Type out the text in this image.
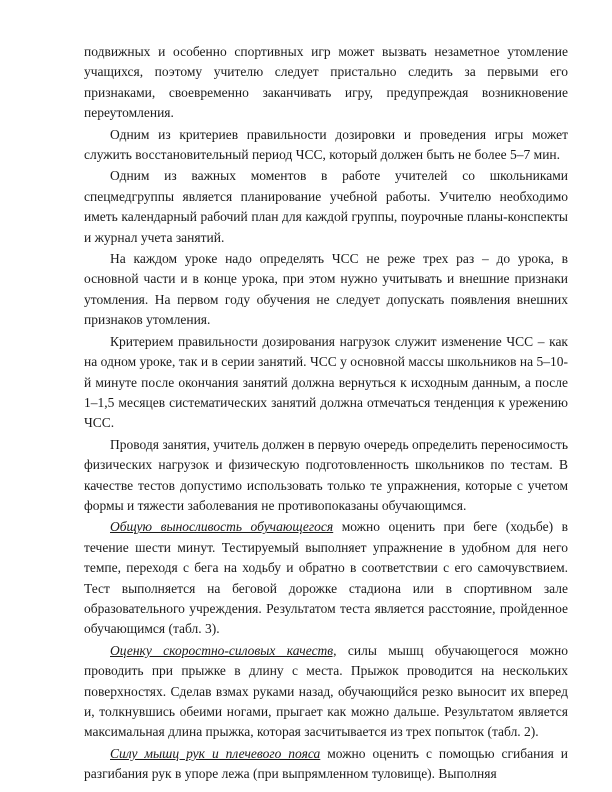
подвижных и особенно спортивных игр может вызвать незаметное утомление учащихся, поэтому учителю следует пристально следить за первыми его признаками, своевременно заканчивать игру, предупреждая возникновение переутомления.

Одним из критериев правильности дозировки и проведения игры может служить восстановительный период ЧСС, который должен быть не более 5–7 мин.

Одним из важных моментов в работе учителей со школьниками спецмедгруппы является планирование учебной работы. Учителю необходимо иметь календарный рабочий план для каждой группы, поурочные планы-конспекты и журнал учета занятий.

На каждом уроке надо определять ЧСС не реже трех раз – до урока, в основной части и в конце урока, при этом нужно учитывать и внешние признаки утомления. На первом году обучения не следует допускать появления внешних признаков утомления.

Критерием правильности дозирования нагрузок служит изменение ЧСС – как на одном уроке, так и в серии занятий. ЧСС у основной массы школьников на 5–10-й минуте после окончания занятий должна вернуться к исходным данным, а после 1–1,5 месяцев систематических занятий должна отмечаться тенденция к урежению ЧСС.

Проводя занятия, учитель должен в первую очередь определить переносимость физических нагрузок и физическую подготовленность школьников по тестам. В качестве тестов допустимо использовать только те упражнения, которые с учетом формы и тяжести заболевания не противопоказаны обучающимся.

Общую выносливость обучающегося можно оценить при беге (ходьбе) в течение шести минут. Тестируемый выполняет упражнение в удобном для него темпе, переходя с бега на ходьбу и обратно в соответствии с его самочувствием. Тест выполняется на беговой дорожке стадиона или в спортивном зале образовательного учреждения. Результатом теста является расстояние, пройденное обучающимся (табл. 3).

Оценку скоростно-силовых качеств, силы мышц обучающегося можно проводить при прыжке в длину с места. Прыжок проводится на нескольких поверхностях. Сделав взмах руками назад, обучающийся резко выносит их вперед и, толкнувшись обеими ногами, прыгает как можно дальше. Результатом является максимальная длина прыжка, которая засчитывается из трех попыток (табл. 2).

Силу мышц рук и плечевого пояса можно оценить с помощью сгибания и разгибания рук в упоре лежа (при выпрямленном туловище). Выполняя
